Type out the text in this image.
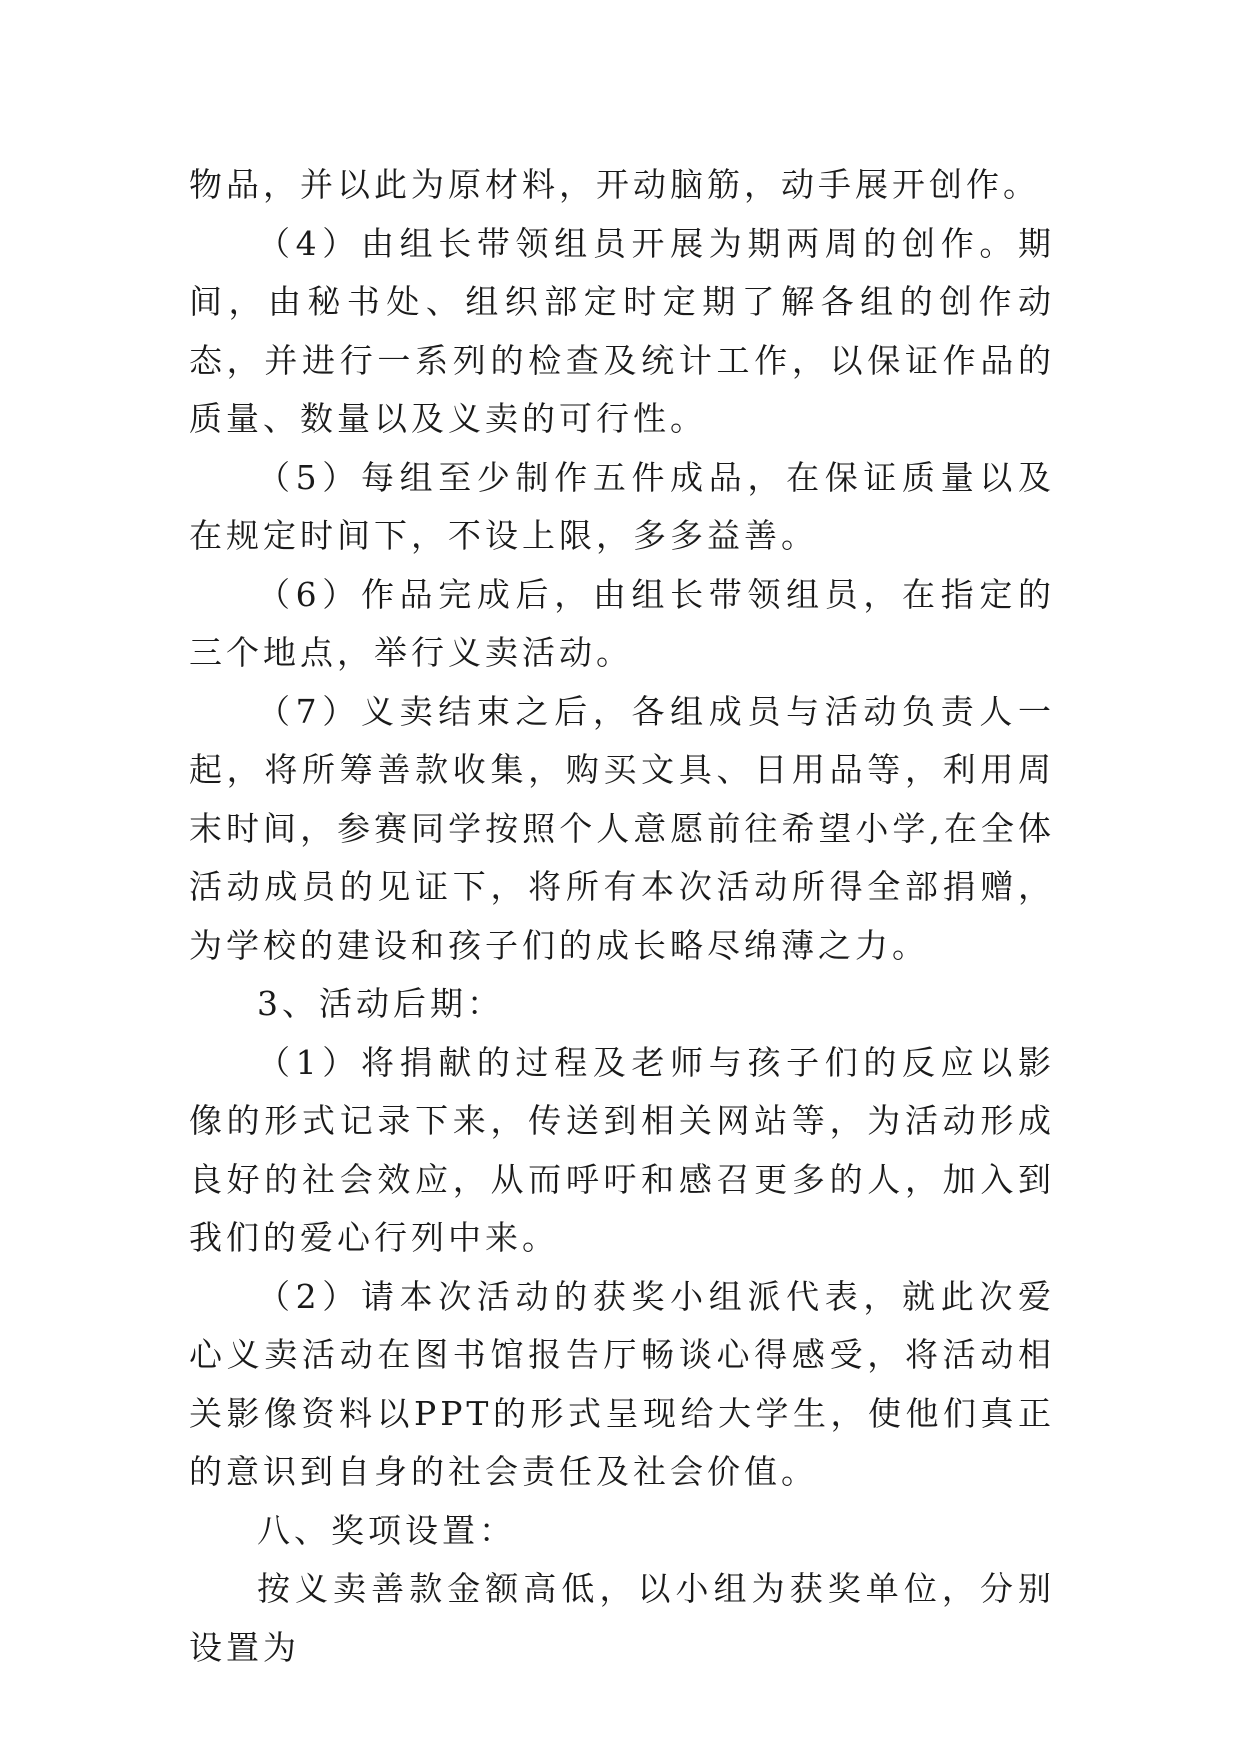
物品，并以此为原材料，开动脑筋，动手展开创作。

（4）由组长带领组员开展为期两周的创作。期间，由秘书处、组织部定时定期了解各组的创作动态，并进行一系列的检查及统计工作，以保证作品的质量、数量以及义卖的可行性。

（5）每组至少制作五件成品，在保证质量以及在规定时间下，不设上限，多多益善。

（6）作品完成后，由组长带领组员，在指定的三个地点，举行义卖活动。

（7）义卖结束之后，各组成员与活动负责人一起，将所筹善款收集，购买文具、日用品等，利用周末时间，参赛同学按照个人意愿前往希望小学,在全体活动成员的见证下，将所有本次活动所得全部捐赠，为学校的建设和孩子们的成长略尽绵薄之力。

3、活动后期：

（1）将捐献的过程及老师与孩子们的反应以影像的形式记录下来，传送到相关网站等，为活动形成良好的社会效应，从而呼吁和感召更多的人，加入到我们的爱心行列中来。

（2）请本次活动的获奖小组派代表，就此次爱心义卖活动在图书馆报告厅畅谈心得感受，将活动相关影像资料以PPT的形式呈现给大学生，使他们真正的意识到自身的社会责任及社会价值。

八、奖项设置：

按义卖善款金额高低，以小组为获奖单位，分别设置为
